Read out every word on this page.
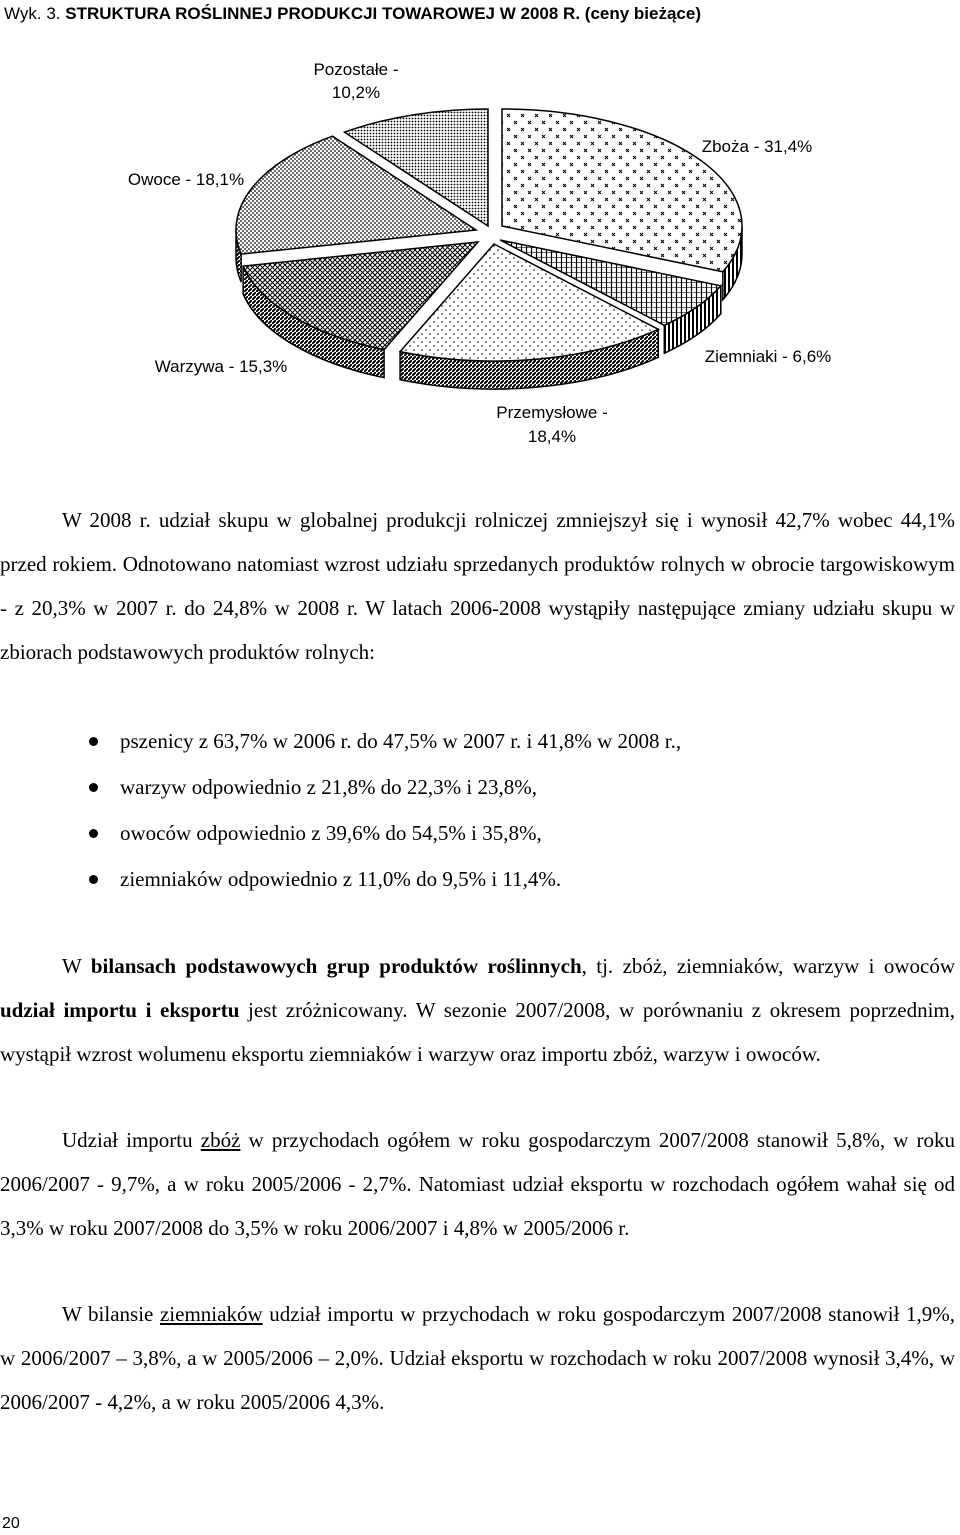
Wyk. 3. STRUKTURA ROŚLINNEJ PRODUKCJI TOWAROWEJ W 2008 R. (ceny bieżące)
Pozostałe -
10,2%
Zboża - 31,4%
Owoce - 18,1%
Warzywa - 15,3%
Ziemniaki - 6,6%
Przemysłowe -
18,4%

W 2008 r. udział skupu w globalnej produkcji rolniczej zmniejszył się i wynosił 42,7% wobec 44,1% przed rokiem. Odnotowano natomiast wzrost udziału sprzedanych produktów rolnych w obrocie targowiskowym - z 20,3% w 2007 r. do 24,8% w 2008 r. W latach 2006-2008 wystąpiły następujące zmiany udziału skupu w zbiorach podstawowych produktów rolnych:

pszenicy z 63,7% w 2006 r. do 47,5% w 2007 r. i 41,8% w 2008 r.,
warzyw odpowiednio z 21,8% do 22,3% i 23,8%,
owoców odpowiednio z 39,6% do 54,5% i 35,8%,
ziemniaków odpowiednio z 11,0% do 9,5% i 11,4%.

W bilansach podstawowych grup produktów roślinnych, tj. zbóż, ziemniaków, warzyw i owoców udział importu i eksportu jest zróżnicowany. W sezonie 2007/2008, w porównaniu z okresem poprzednim, wystąpił wzrost wolumenu eksportu ziemniaków i warzyw oraz importu zbóż, warzyw i owoców.

Udział importu zbóż w przychodach ogółem w roku gospodarczym 2007/2008 stanowił 5,8%, w roku 2006/2007 - 9,7%, a w roku 2005/2006 - 2,7%. Natomiast udział eksportu w rozchodach ogółem wahał się od 3,3% w roku 2007/2008 do 3,5% w roku 2006/2007 i 4,8% w 2005/2006 r.

W bilansie ziemniaków udział importu w przychodach w roku gospodarczym 2007/2008 stanowił 1,9%, w 2006/2007 – 3,8%, a w 2005/2006 – 2,0%. Udział eksportu w rozchodach w roku 2007/2008 wynosił 3,4%, w 2006/2007 - 4,2%, a w roku 2005/2006 4,3%.

20
